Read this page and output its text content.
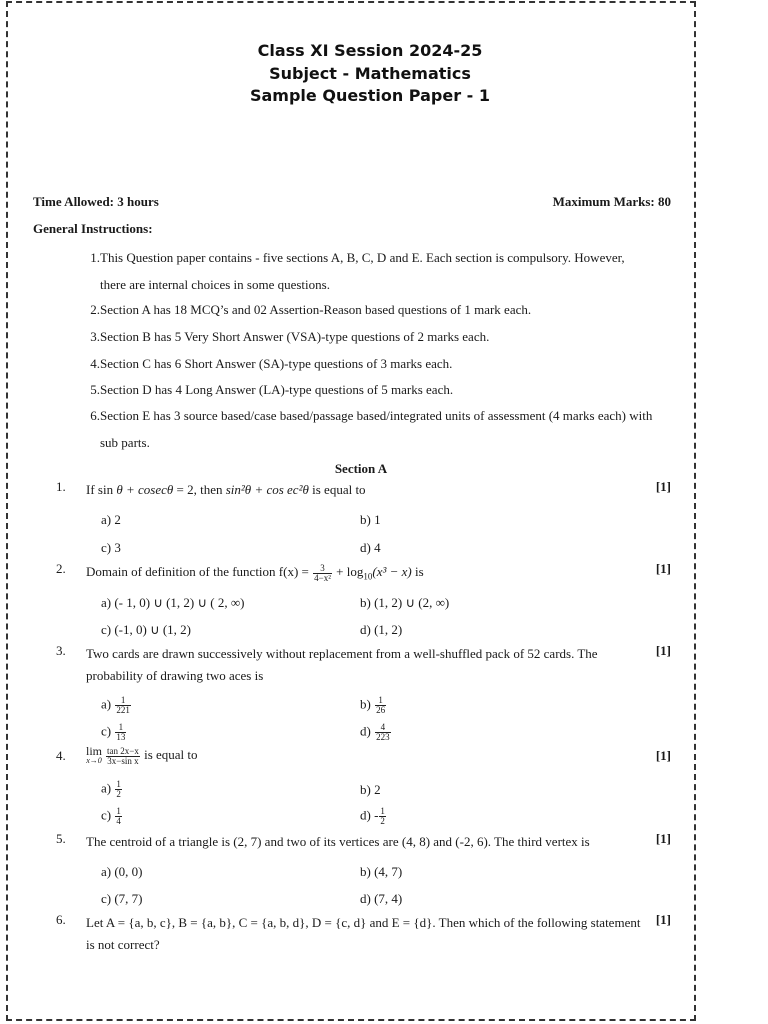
Class XI Session 2024-25
Subject - Mathematics
Sample Question Paper - 1
Time Allowed: 3 hours	Maximum Marks: 80
General Instructions:
1. This Question paper contains - five sections A, B, C, D and E. Each section is compulsory. However, there are internal choices in some questions.
2. Section A has 18 MCQ’s and 02 Assertion-Reason based questions of 1 mark each.
3. Section B has 5 Very Short Answer (VSA)-type questions of 2 marks each.
4. Section C has 6 Short Answer (SA)-type questions of 3 marks each.
5. Section D has 4 Long Answer (LA)-type questions of 5 marks each.
6. Section E has 3 source based/case based/passage based/integrated units of assessment (4 marks each) with sub parts.
Section A
1. If sin θ + cosecθ = 2, then sin²θ + cos ec²θ is equal to	[1]
a) 2	b) 1
c) 3	d) 4
2. Domain of definition of the function $f(x) = \frac{3}{\text{4−x²}} + \log_{10}(x^3 - x)$ is	[1]
a) (- 1, 0) ∪ (1, 2) ∪ ( 2, ∞)	b) (1, 2) ∪ (2, ∞)
c) (-1, 0) ∪ (1, 2)	d) (1, 2)
3. Two cards are drawn successively without replacement from a well-shuffled pack of 52 cards. The probability of drawing two aces is
[1]
$a) \frac{1}{221}$	$b) \frac{1}{26}$
$c) \frac{1}{13}$	$d) \frac{4}{223}$
4. lim
$x\to 0 \frac{\tan 2x-x}{\text{3x−sin x}}$ is equal to	[1]
$a) \frac{1}{2}$	b) 2
$c) \frac{1}{4}$	$d) - \frac{1}{2}$
5. The centroid of a triangle is (2, 7) and two of its vertices are (4, 8) and (-2, 6). The third vertex is	[1]
a) (0, 0)	b) (4, 7)
c) (7, 7)	d) (7, 4)
6. Let A = {a, b, c}, B = {a, b}, C = {a, b, d}, D = {c, d} and E = {d}. Then which of the following statement is not correct?
[1]
